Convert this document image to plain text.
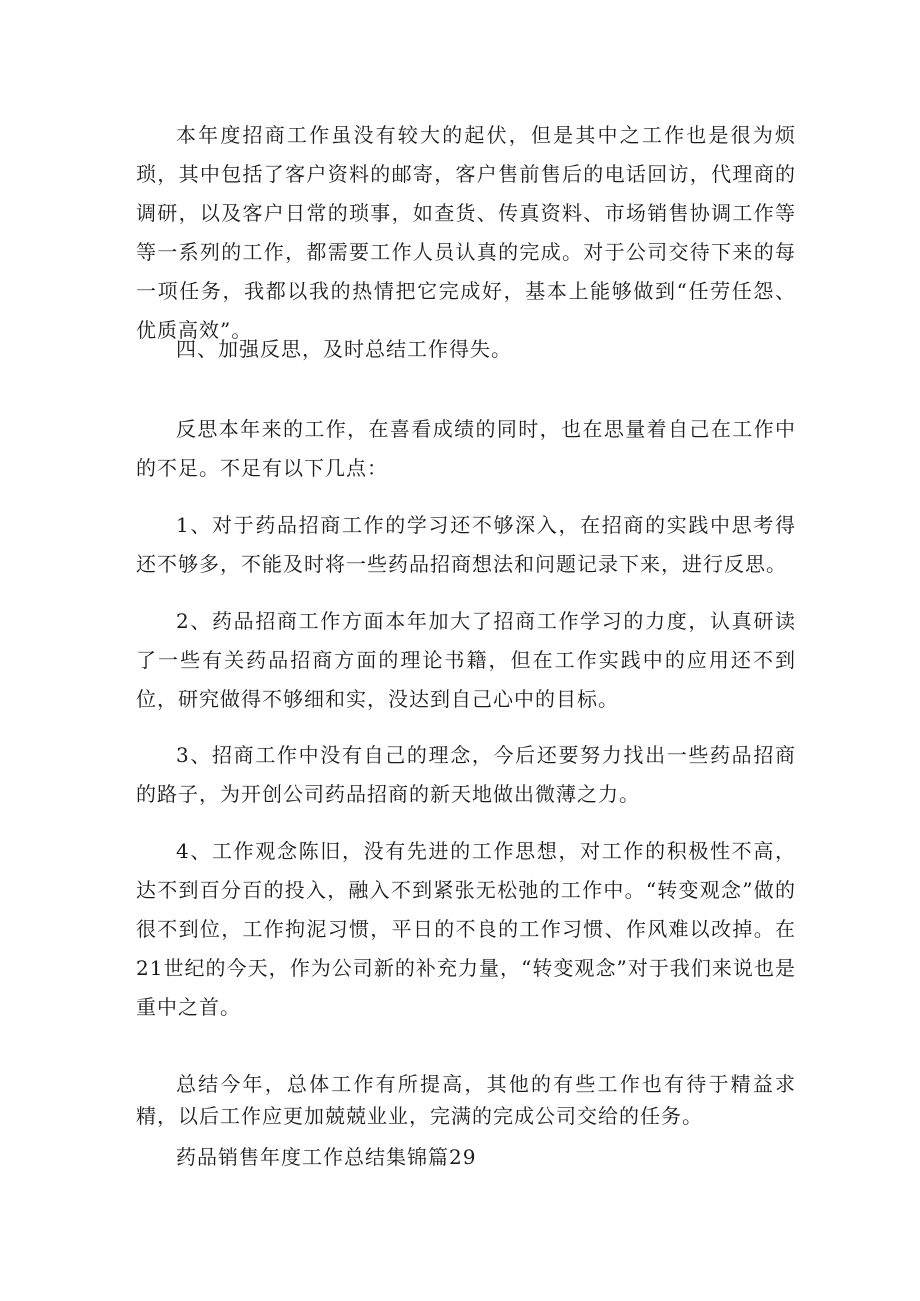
本年度招商工作虽没有较大的起伏，但是其中之工作也是很为烦琐，其中包括了客户资料的邮寄，客户售前售后的电话回访，代理商的调研，以及客户日常的琐事，如查货、传真资料、市场销售协调工作等等一系列的工作，都需要工作人员认真的完成。对于公司交待下来的每一项任务，我都以我的热情把它完成好，基本上能够做到“任劳任怨、优质高效”。

四、加强反思，及时总结工作得失。

反思本年来的工作，在喜看成绩的同时，也在思量着自己在工作中的不足。不足有以下几点：

1、对于药品招商工作的学习还不够深入，在招商的实践中思考得还不够多，不能及时将一些药品招商想法和问题记录下来，进行反思。

2、药品招商工作方面本年加大了招商工作学习的力度，认真研读了一些有关药品招商方面的理论书籍，但在工作实践中的应用还不到位，研究做得不够细和实，没达到自己心中的目标。

3、招商工作中没有自己的理念，今后还要努力找出一些药品招商的路子，为开创公司药品招商的新天地做出微薄之力。

4、工作观念陈旧，没有先进的工作思想，对工作的积极性不高，达不到百分百的投入，融入不到紧张无松弛的工作中。“转变观念”做的很不到位，工作拘泥习惯，平日的不良的工作习惯、作风难以改掉。在21世纪的今天，作为公司新的补充力量，“转变观念”对于我们来说也是重中之首。

总结今年，总体工作有所提高，其他的有些工作也有待于精益求精，以后工作应更加兢兢业业，完满的完成公司交给的任务。

药品销售年度工作总结集锦篇29
